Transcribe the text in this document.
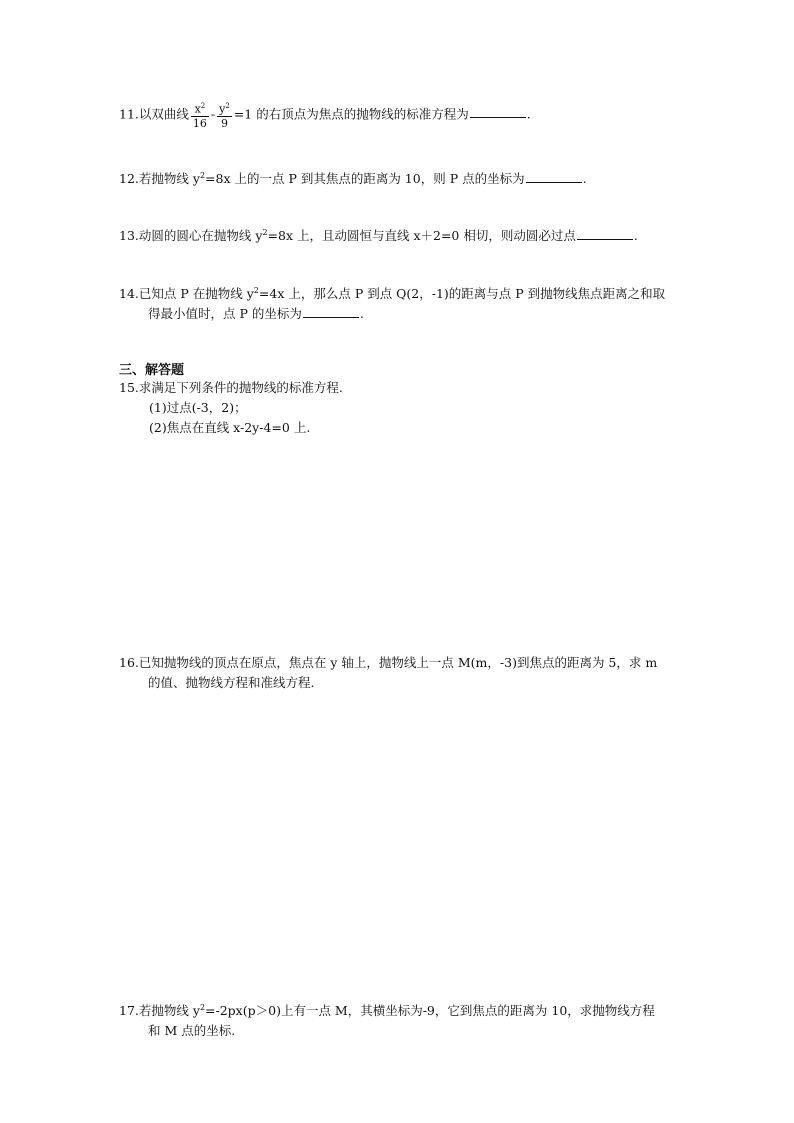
11.以双曲线 $\frac{x^2}{16} - \frac{y^2}{9} =1$ 的右顶点为焦点的抛物线的标准方程为	.
12.若抛物线 $y^2=8x$ 上的一点 P 到其焦点的距离为 10，则 P 点的坐标为	.
13.动圆的圆心在抛物线 $y^2=8x$ 上，且动圆恒与直线 x＋2=0 相切，则动圆必过点	.
14.已知点 P 在抛物线 $y^2=4x$ 上，那么点 P 到点 Q(2，-1)的距离与点 P 到抛物线焦点距离之和取
得最小值时，点 P 的坐标为	.
三、解答题
15.求满足下列条件的抛物线的标准方程.
(1)过点(-3，2)；
(2)焦点在直线 x-2y-4=0 上.
16.已知抛物线的顶点在原点，焦点在 y 轴上，抛物线上一点 M(m，-3)到焦点的距离为 5，求 m
的值、抛物线方程和准线方程.
17.若抛物线 $y^2=-2px(p>0)$上有一点 M，其横坐标为-9，它到焦点的距离为 10，求抛物线方程
和 M 点的坐标.
